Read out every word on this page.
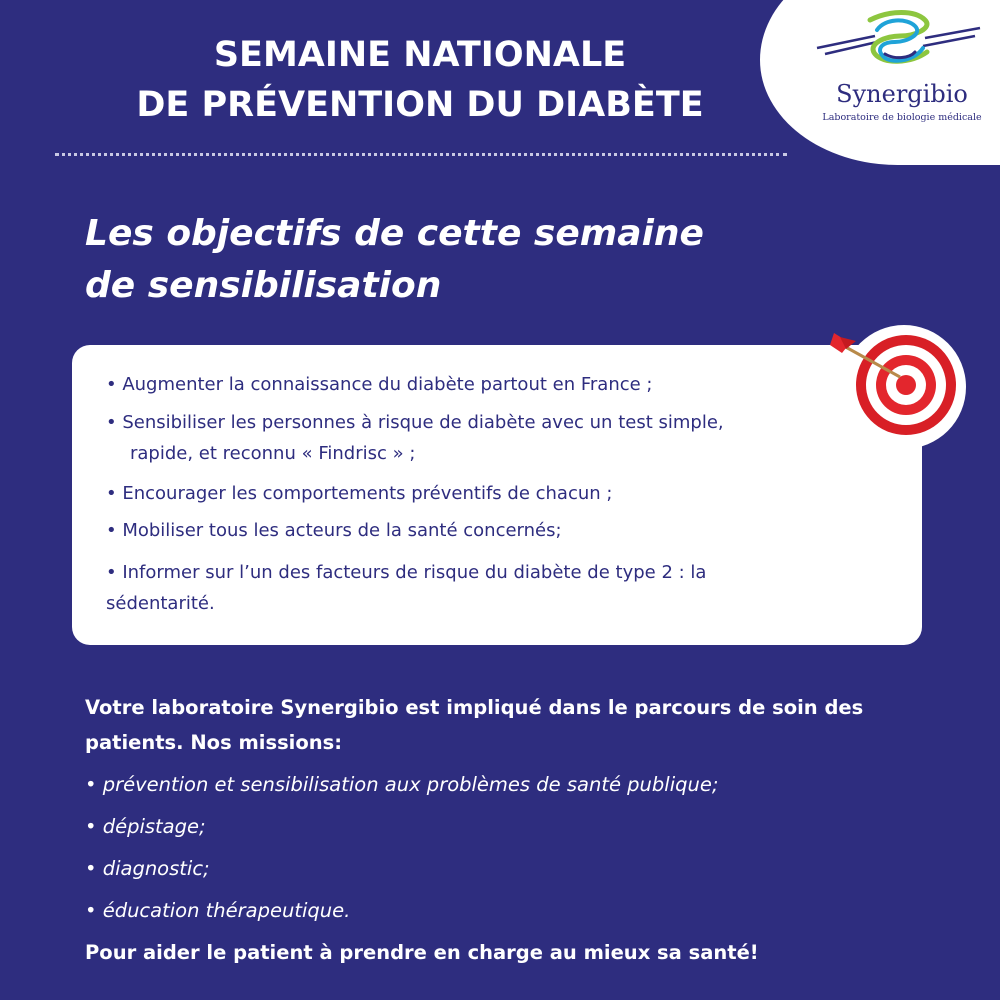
Synergibio
Laboratoire de biologie médicale
SEMAINE NATIONALE
DE PRÉVENTION DU DIABÈTE
Les objectifs de cette semaine
de sensibilisation
• Augmenter la connaissance du diabète partout en France ;
• Sensibiliser les personnes à risque de diabète avec un test simple,
rapide, et reconnu « Findrisc » ;
• Encourager les comportements préventifs de chacun ;
• Mobiliser tous les acteurs de la santé concernés;
• Informer sur l’un des facteurs de risque du diabète de type 2 : la
sédentarité.
Votre laboratoire Synergibio est impliqué dans le parcours de soin des
patients. Nos missions:
• prévention et sensibilisation aux problèmes de santé publique;
• dépistage;
• diagnostic;
• éducation thérapeutique.
Pour aider le patient à prendre en charge au mieux sa santé!
